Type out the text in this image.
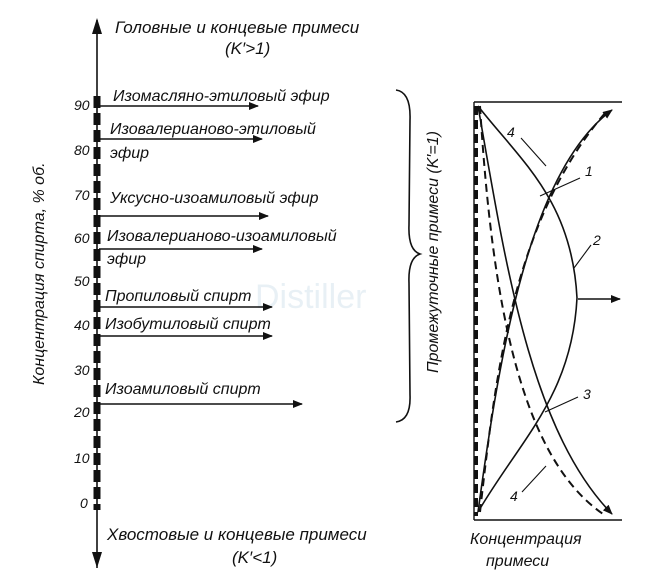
Distiller
Головные и концевые примеси
(K′>1)
90
80
70
60
50
40
30
20
10
0
Концентрация спирта, % об.
Изомасляно-этиловый эфир
Изовалерианово-этиловый
эфир
Уксусно-изоамиловый эфир
Изовалерианово-изоамиловый
эфир
Пропиловый спирт
Изобутиловый спирт
Изоамиловый спирт
Промежуточные примеси (K′=1)	1
2
3
4
4
Концентрация
примеси
Хвостовые и концевые примеси
(K′<1)
